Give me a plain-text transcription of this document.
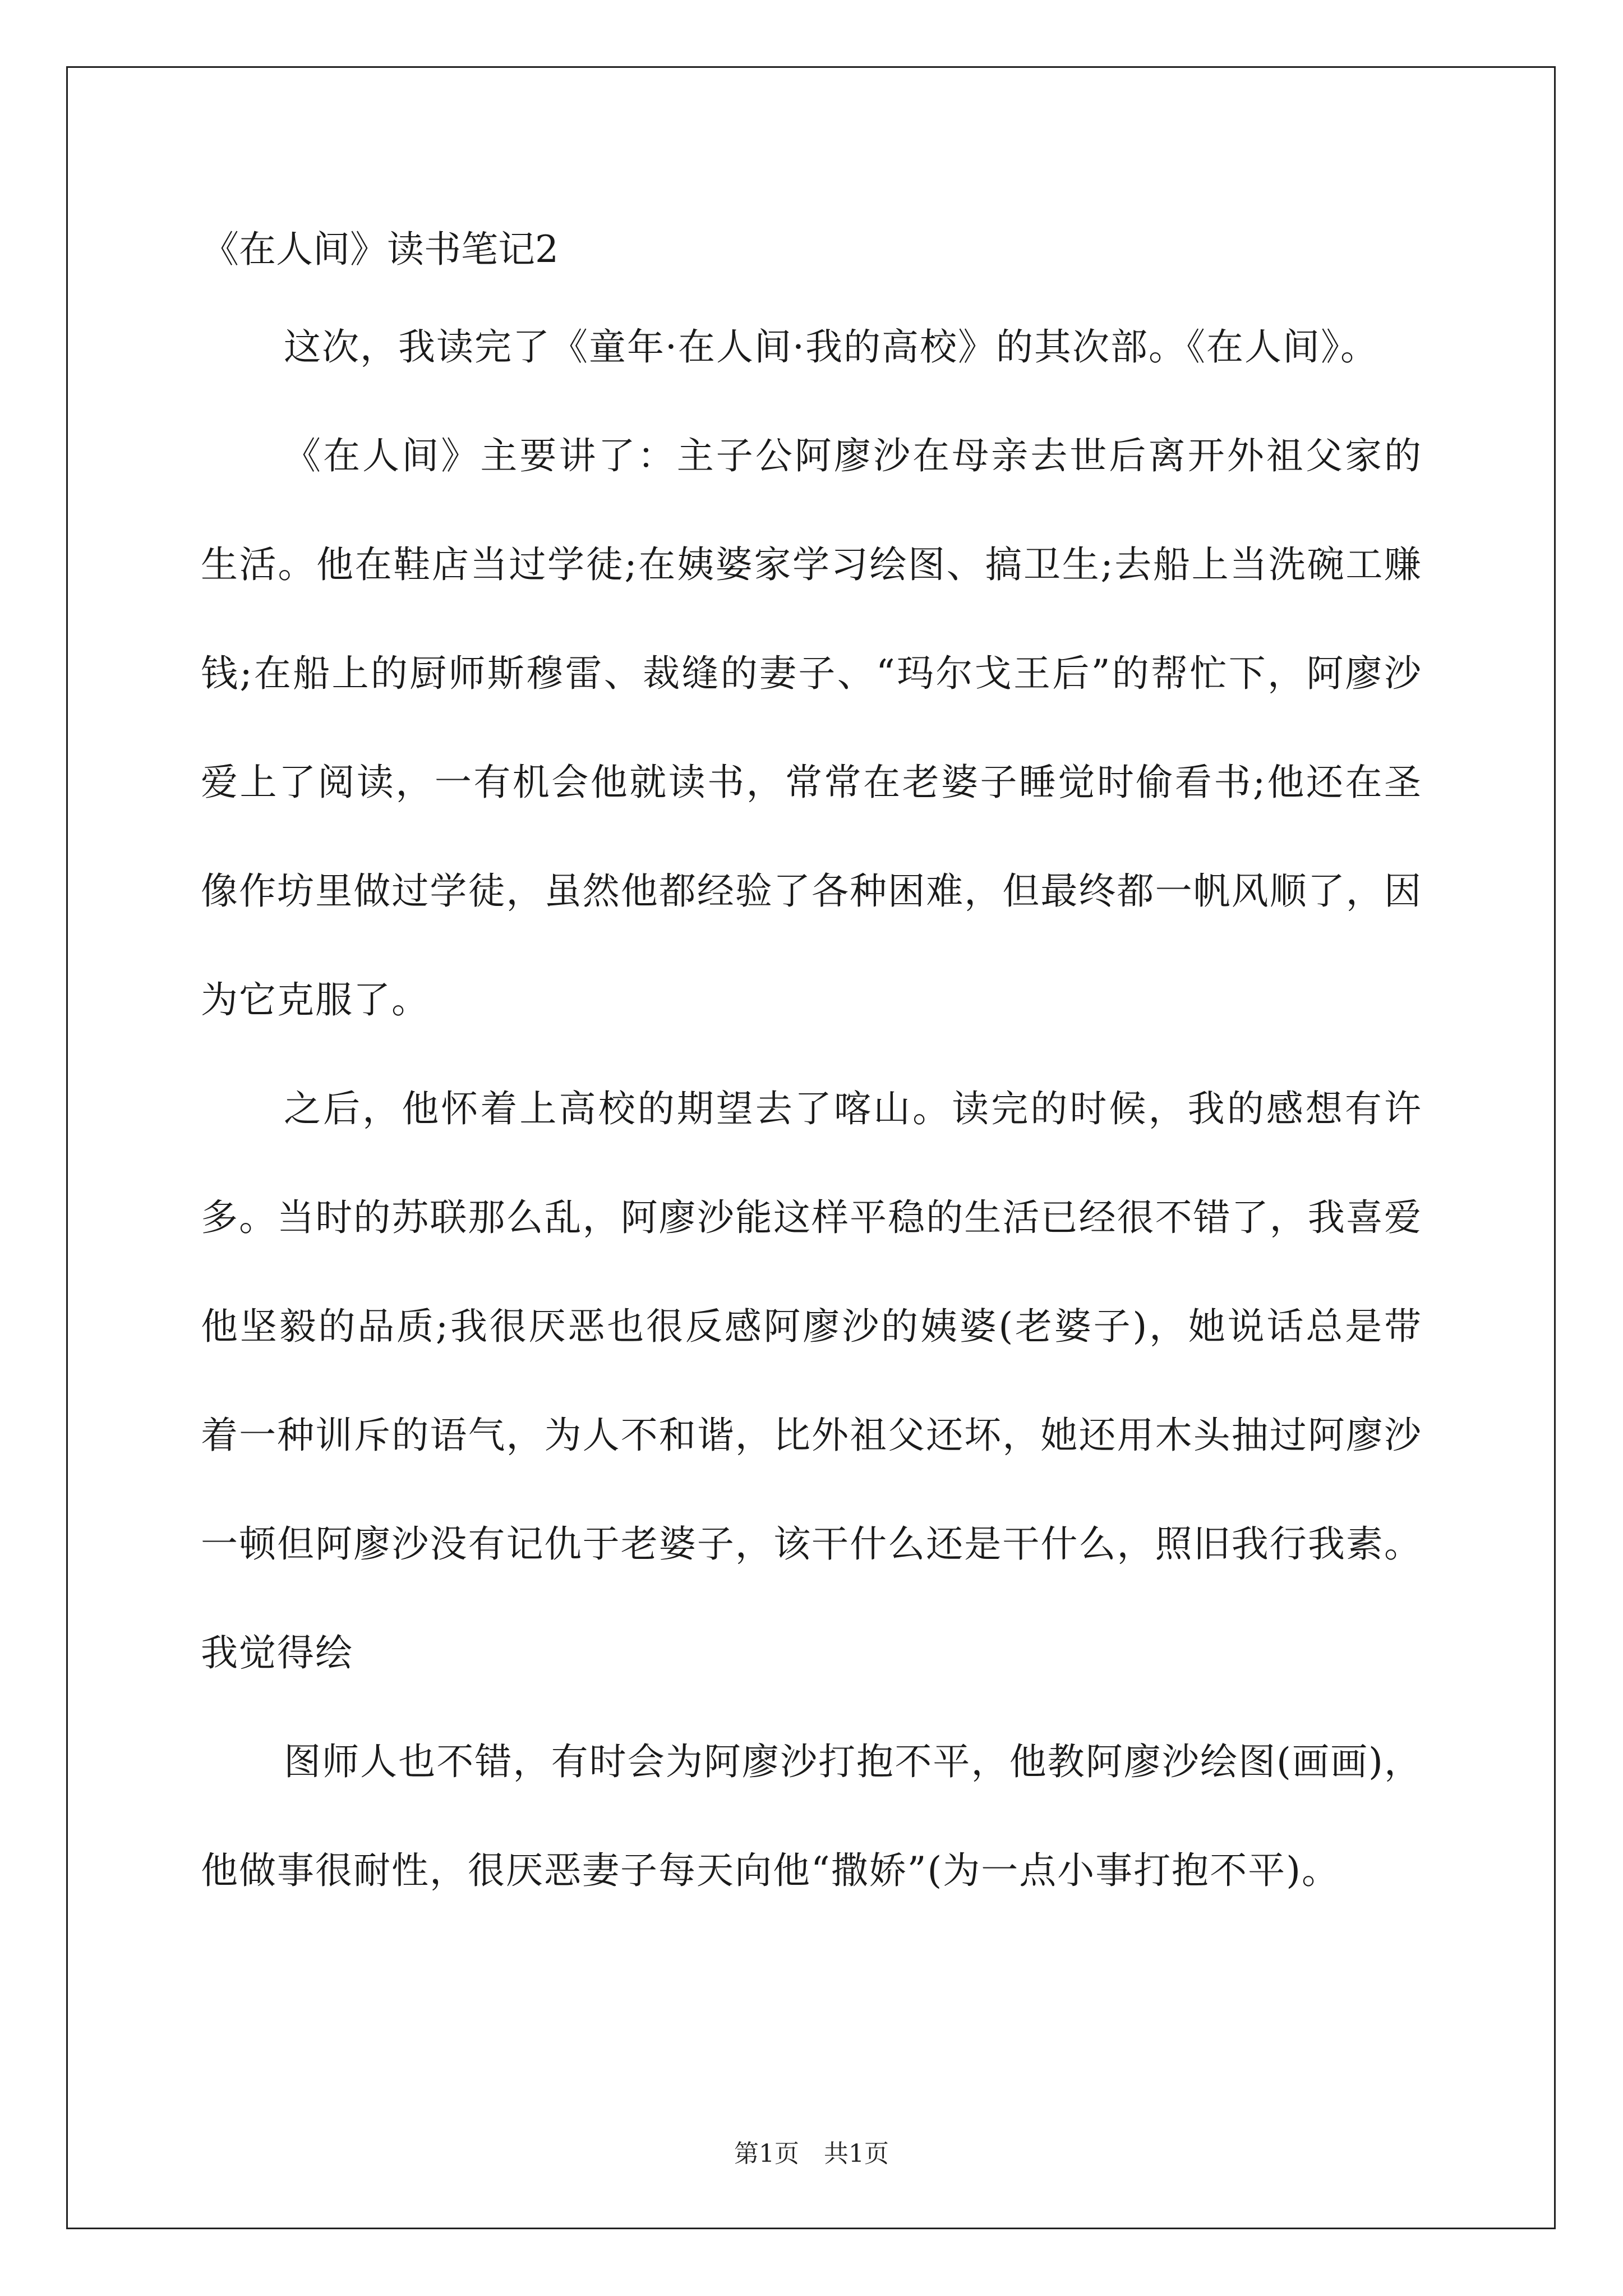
《在人间》读书笔记2

这次，我读完了《童年·在人间·我的高校》的其次部。《在人间》。

《在人间》主要讲了：主子公阿廖沙在母亲去世后离开外祖父家的生活。他在鞋店当过学徒;在姨婆家学习绘图、搞卫生;去船上当洗碗工赚钱;在船上的厨师斯穆雷、裁缝的妻子、“玛尔戈王后”的帮忙下，阿廖沙爱上了阅读，一有机会他就读书，常常在老婆子睡觉时偷看书;他还在圣像作坊里做过学徒，虽然他都经验了各种困难，但最终都一帆风顺了，因为它克服了。

之后，他怀着上高校的期望去了喀山。读完的时候，我的感想有许多。当时的苏联那么乱，阿廖沙能这样平稳的生活已经很不错了，我喜爱他坚毅的品质;我很厌恶也很反感阿廖沙的姨婆(老婆子)，她说话总是带着一种训斥的语气，为人不和谐，比外祖父还坏，她还用木头抽过阿廖沙一顿但阿廖沙没有记仇于老婆子，该干什么还是干什么，照旧我行我素。我觉得绘

图师人也不错，有时会为阿廖沙打抱不平，他教阿廖沙绘图(画画)，他做事很耐性，很厌恶妻子每天向他“撒娇”(为一点小事打抱不平)。

第1页　共1页
